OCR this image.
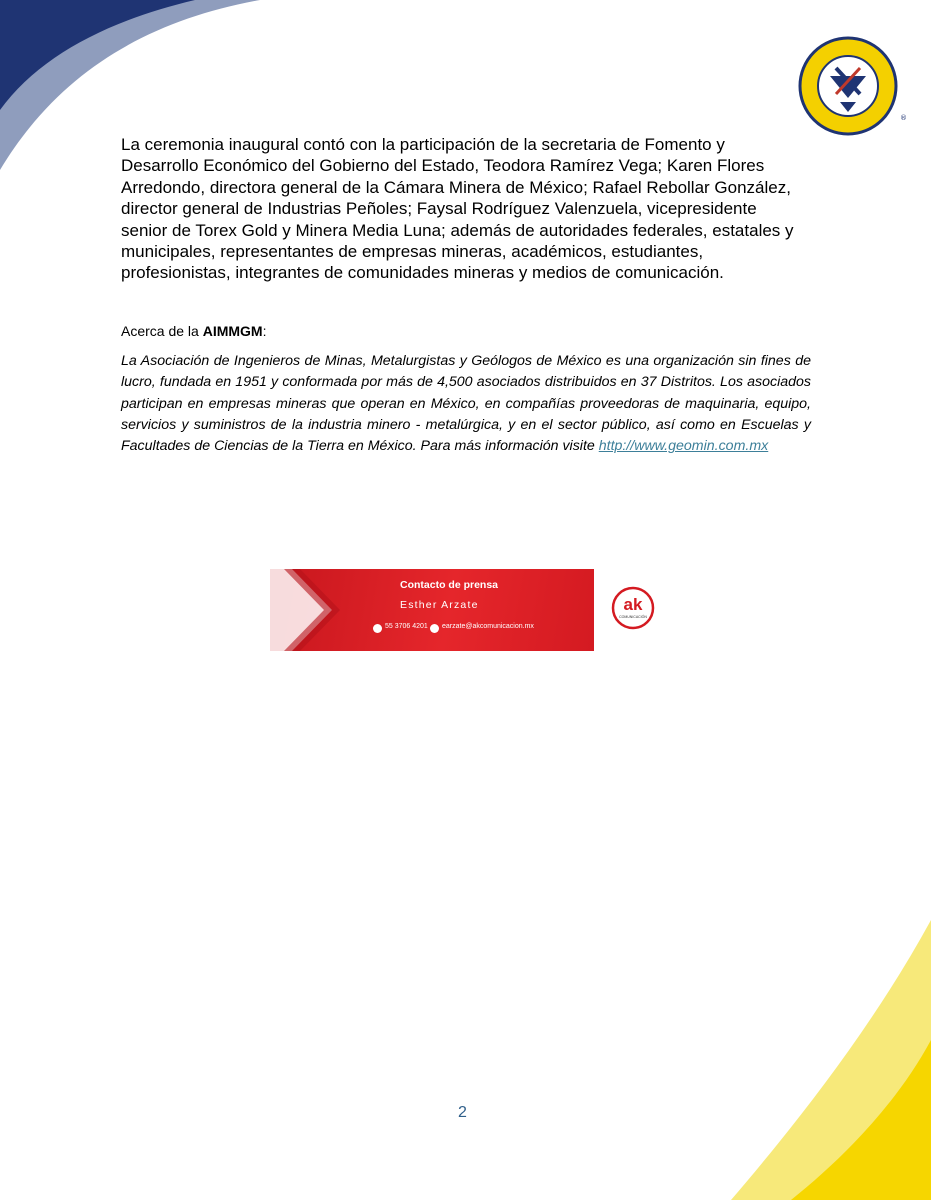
®

La ceremonia inaugural contó con la participación de la secretaria de Fomento y Desarrollo Económico del Gobierno del Estado, Teodora Ramírez Vega; Karen Flores Arredondo, directora general de la Cámara Minera de México; Rafael Rebollar González, director general de Industrias Peñoles; Faysal Rodríguez Valenzuela, vicepresidente senior de Torex Gold y Minera Media Luna; además de autoridades federales, estatales y municipales, representantes de empresas mineras, académicos, estudiantes, profesionistas, integrantes de comunidades mineras y medios de comunicación.

Acerca de la AIMMGM:

La Asociación de Ingenieros de Minas, Metalurgistas y Geólogos de México es una organización sin fines de lucro, fundada en 1951 y conformada por más de 4,500 asociados distribuidos en 37 Distritos. Los asociados participan en empresas mineras que operan en México, en compañías proveedoras de maquinaria, equipo, servicios y suministros de la industria minero - metalúrgica, y en el sector público, así como en Escuelas y Facultades de Ciencias de la Tierra en México. Para más información visite http://www.geomin.com.mx

Contacto de prensa
Esther Arzate
55 3706 4201 earzate@akcomunicacion.mx
ak
COMUNICACIÓN
2
